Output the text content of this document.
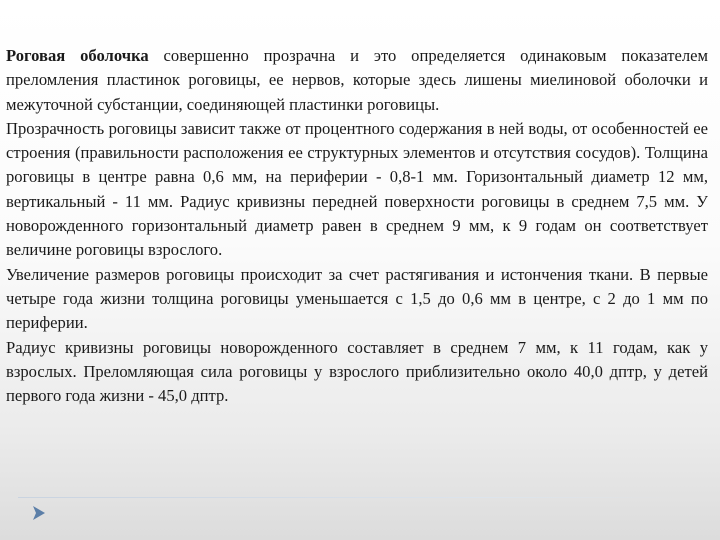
Роговая оболочка совершенно прозрачна и это определяется одинаковым показателем преломления пластинок роговицы, ее нервов, которые здесь лишены миелиновой оболочки и межуточной субстанции, соединяющей пластинки роговицы.

Прозрачность роговицы зависит также от процентного содержания в ней воды, от особенностей ее строения (правильности расположения ее структурных элементов и отсутствия сосудов). Толщина роговицы в центре равна 0,6 мм, на периферии - 0,8-1 мм. Горизонтальный диаметр 12 мм, вертикальный - 11 мм. Радиус кривизны передней поверхности роговицы в среднем 7,5 мм. У новорожденного горизонтальный диаметр равен в среднем 9 мм, к 9 годам он соответствует величине роговицы взрослого.

Увеличение размеров роговицы происходит за счет растягивания и истончения ткани. В первые четыре года жизни толщина роговицы уменьшается с 1,5 до 0,6 мм в центре, с 2 до 1 мм по периферии.

Радиус кривизны роговицы новорожденного составляет в среднем 7 мм, к 11 годам, как у взрослых. Преломляющая сила роговицы у взрослого приблизительно около 40,0 дптр, у детей первого года жизни - 45,0 дптр.
